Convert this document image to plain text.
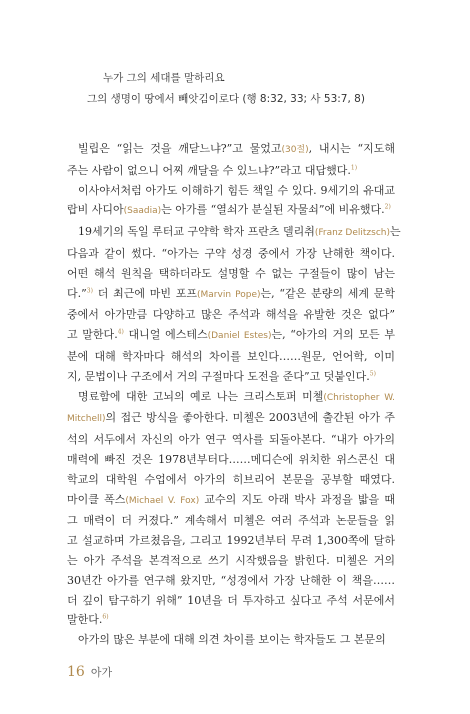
누가 그의 세대를 말하리요
그의 생명이 땅에서 빼앗김이로다 (행 8:32, 33; 사 53:7, 8)
빌립은 “읽는 것을 깨닫느냐?”고 물었고(30절), 내시는 “지도해
주는 사람이 없으니 어찌 깨달을 수 있느냐?”라고 대답했다.$^{1)}$
이사야서처럼 아가도 이해하기 힘든 책일 수 있다. 9세기의 유대교
랍비 사디아(Saadia)는 아가를 “열쇠가 분실된 자물쇠”에 비유했다.$^{2)}$
19세기의 독일 루터교 구약학 학자 프란츠 델리취(Franz Delitzsch)는
다음과 같이 썼다. “아가는 구약 성경 중에서 가장 난해한 책이다.
어떤 해석 원칙을 택하더라도 설명할 수 없는 구절들이 많이 남는
다.”$^{3)}$ 더 최근에 마빈 포프(Marvin Pope)는, “같은 분량의 세계 문학
중에서 아가만큼 다양하고 많은 주석과 해석을 유발한 것은 없다”
고 말한다.$^{4)}$ 대니얼 에스테스(Daniel Estes)는, “아가의 거의 모든 부
분에 대해 학자마다 해석의 차이를 보인다……원문, 언어학, 이미
지, 문법이나 구조에서 거의 구절마다 도전을 준다”고 덧붙인다.$^{5)}$
명료함에 대한 고뇌의 예로 나는 크리스토퍼 미첼(Christopher W.
Mitchell)의 접근 방식을 좋아한다. 미첼은 2003년에 출간된 아가 주
석의 서두에서 자신의 아가 연구 역사를 되돌아본다. “내가 아가의
매력에 빠진 것은 1978년부터다……메디슨에 위치한 위스콘신 대
학교의 대학원 수업에서 아가의 히브리어 본문을 공부할 때였다.
마이클 폭스(Michael V. Fox) 교수의 지도 아래 박사 과정을 밟을 때
그 매력이 더 커졌다.” 계속해서 미첼은 여러 주석과 논문들을 읽
고 설교하며 가르쳤음을, 그리고 1992년부터 무려 1,300쪽에 달하
는 아가 주석을 본격적으로 쓰기 시작했음을 밝힌다. 미첼은 거의
30년간 아가를 연구해 왔지만, “성경에서 가장 난해한 이 책을……
더 깊이 탐구하기 위해” 10년을 더 투자하고 싶다고 주석 서문에서
말한다.$^{6)}$
아가의 많은 부분에 대해 의견 차이를 보이는 학자들도 그 본문의
16 아가
